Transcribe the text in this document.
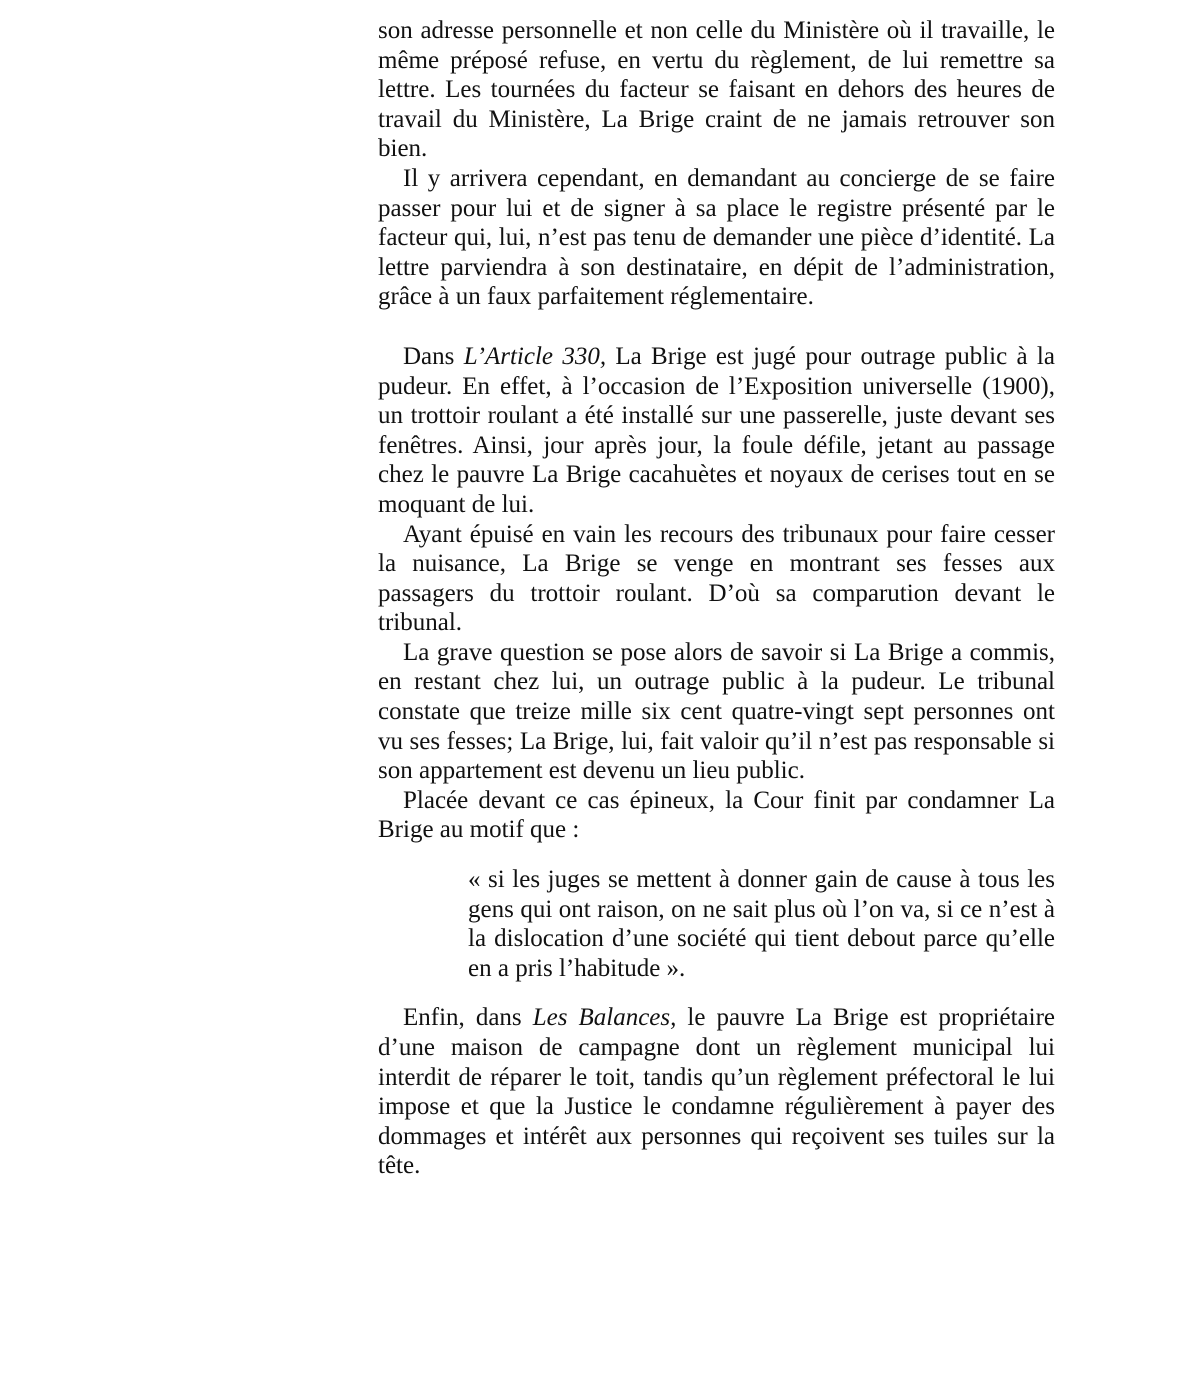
son adresse personnelle et non celle du Ministère où il travaille, le même préposé refuse, en vertu du règlement, de lui remettre sa lettre. Les tournées du facteur se faisant en dehors des heures de travail du Ministère, La Brige craint de ne jamais retrouver son bien.

Il y arrivera cependant, en demandant au concierge de se faire passer pour lui et de signer à sa place le registre présenté par le facteur qui, lui, n’est pas tenu de demander une pièce d’identité. La lettre parviendra à son destinataire, en dépit de l’administration, grâce à un faux parfaitement réglementaire.

Dans L’Article 330, La Brige est jugé pour outrage public à la pudeur. En effet, à l’occasion de l’Exposition universelle (1900), un trottoir roulant a été installé sur une passerelle, juste devant ses fenêtres. Ainsi, jour après jour, la foule défile, jetant au passage chez le pauvre La Brige cacahuètes et noyaux de cerises tout en se moquant de lui.

Ayant épuisé en vain les recours des tribunaux pour faire cesser la nuisance, La Brige se venge en montrant ses fesses aux passagers du trottoir roulant. D’où sa comparution devant le tribunal.

La grave question se pose alors de savoir si La Brige a commis, en restant chez lui, un outrage public à la pudeur. Le tribunal constate que treize mille six cent quatre-vingt sept personnes ont vu ses fesses; La Brige, lui, fait valoir qu’il n’est pas responsable si son appartement est devenu un lieu public.

Placée devant ce cas épineux, la Cour finit par condamner La Brige au motif que :

« si les juges se mettent à donner gain de cause à tous les gens qui ont raison, on ne sait plus où l’on va, si ce n’est à la dislocation d’une société qui tient debout parce qu’elle en a pris l’habitude ».

Enfin, dans Les Balances, le pauvre La Brige est propriétaire d’une maison de campagne dont un règlement municipal lui interdit de réparer le toit, tandis qu’un règlement préfectoral le lui impose et que la Justice le condamne régulièrement à payer des dommages et intérêt aux personnes qui reçoivent ses tuiles sur la tête.
